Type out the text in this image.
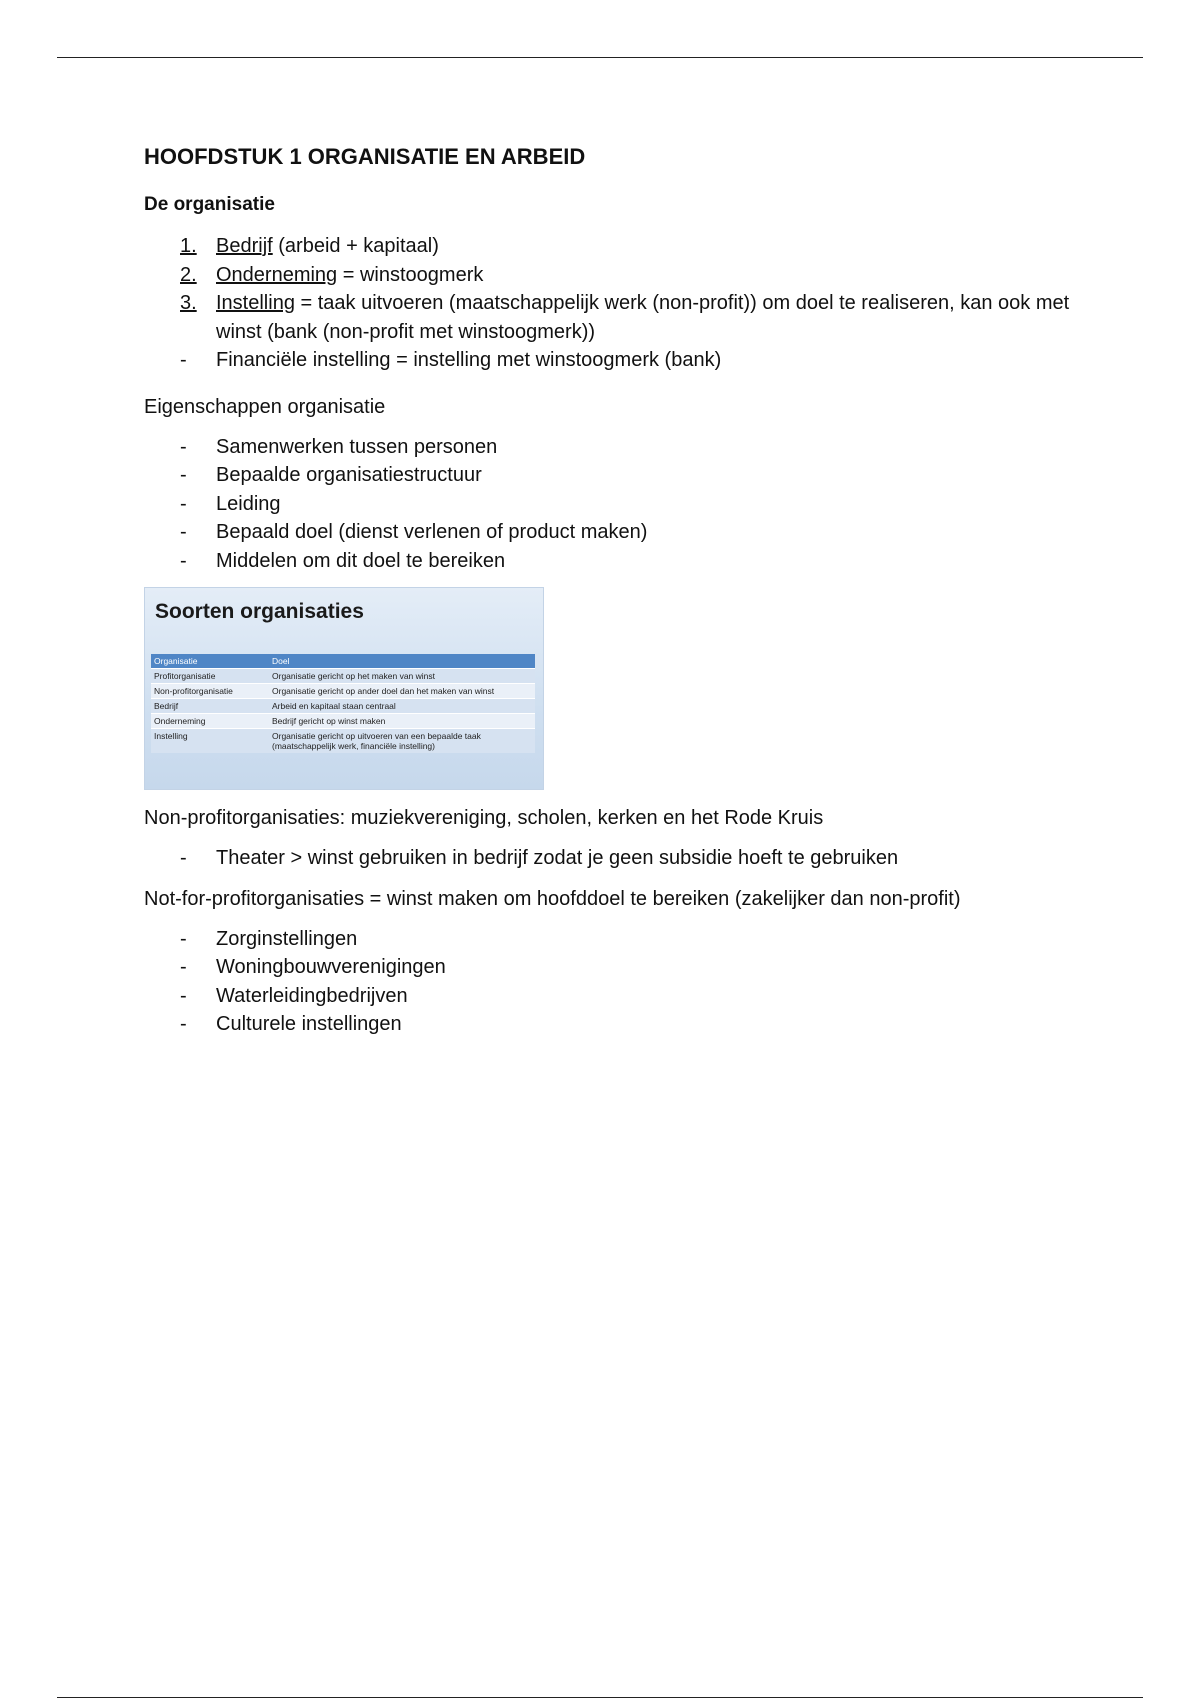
HOOFDSTUK 1 ORGANISATIE EN ARBEID
De organisatie
1. Bedrijf (arbeid + kapitaal)
2. Onderneming = winstoogmerk
3. Instelling = taak uitvoeren (maatschappelijk werk (non-profit)) om doel te realiseren, kan ook met winst (bank (non-profit met winstoogmerk))
- Financiële instelling = instelling met winstoogmerk (bank)

Eigenschappen organisatie

- Samenwerken tussen personen
- Bepaalde organisatiestructuur
- Leiding
- Bepaald doel (dienst verlenen of product maken)
- Middelen om dit doel te bereiken
Soorten organisaties
Organisatie	Doel
Profitorganisatie	Organisatie gericht op het maken van winst
Non-profitorganisatie	Organisatie gericht op ander doel dan het maken van winst
Bedrijf	Arbeid en kapitaal staan centraal
Onderneming	Bedrijf gericht op winst maken
Instelling	Organisatie gericht op uitvoeren van een bepaalde taak (maatschappelijk werk, financiële instelling)

Non-profitorganisaties: muziekvereniging, scholen, kerken en het Rode Kruis

- Theater > winst gebruiken in bedrijf zodat je geen subsidie hoeft te gebruiken

Not-for-profitorganisaties = winst maken om hoofddoel te bereiken (zakelijker dan non-profit)

- Zorginstellingen
- Woningbouwverenigingen
- Waterleidingbedrijven
- Culturele instellingen
